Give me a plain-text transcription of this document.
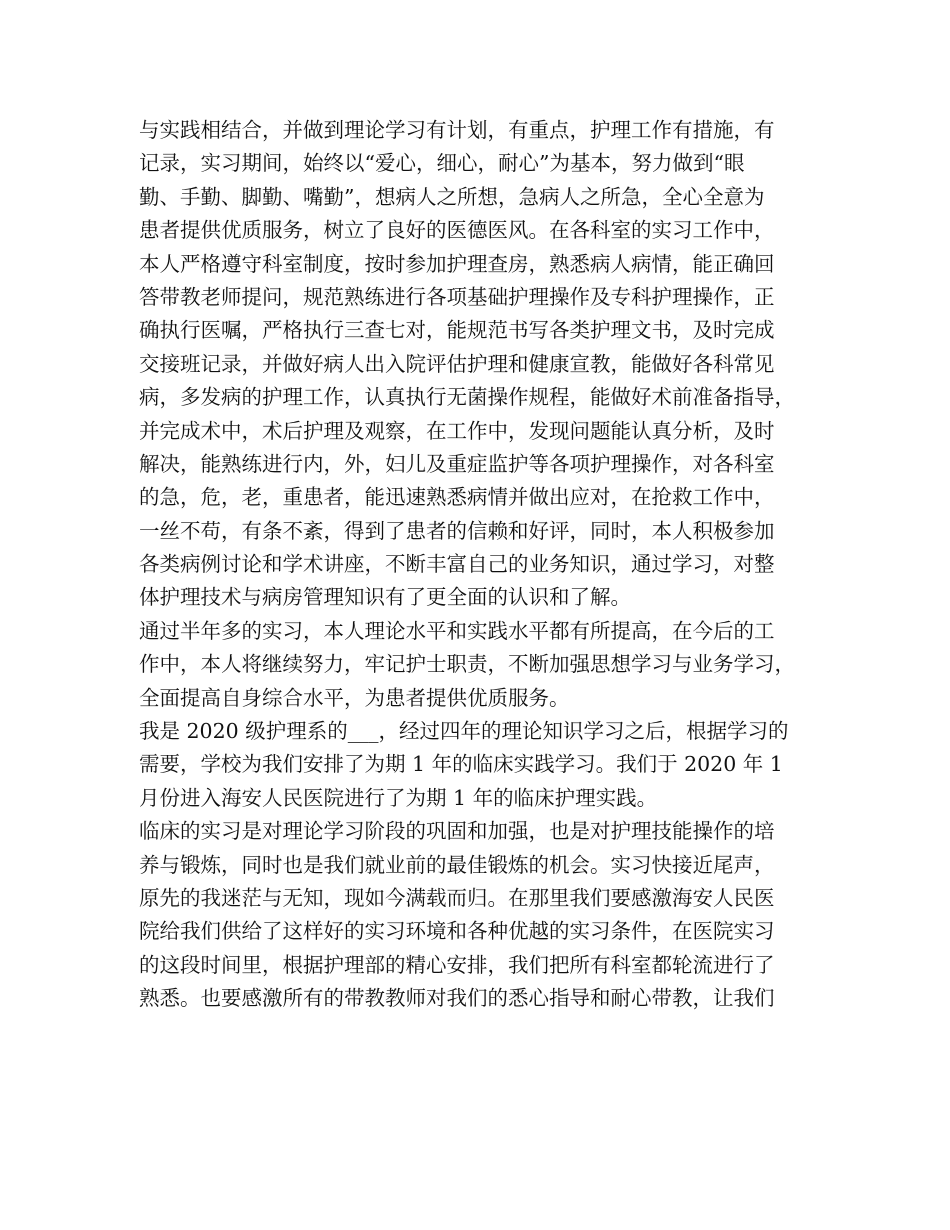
与实践相结合，并做到理论学习有计划，有重点，护理工作有措施，有
记录，实习期间，始终以“爱心，细心，耐心”为基本，努力做到“眼
勤、手勤、脚勤、嘴勤”，想病人之所想，急病人之所急，全心全意为
患者提供优质服务，树立了良好的医德医风。在各科室的实习工作中，
本人严格遵守科室制度，按时参加护理查房，熟悉病人病情，能正确回
答带教老师提问，规范熟练进行各项基础护理操作及专科护理操作，正
确执行医嘱，严格执行三查七对，能规范书写各类护理文书，及时完成
交接班记录，并做好病人出入院评估护理和健康宣教，能做好各科常见
病，多发病的护理工作，认真执行无菌操作规程，能做好术前准备指导，
并完成术中，术后护理及观察，在工作中，发现问题能认真分析，及时
解决，能熟练进行内，外，妇儿及重症监护等各项护理操作，对各科室
的急，危，老，重患者，能迅速熟悉病情并做出应对，在抢救工作中，
一丝不苟，有条不紊，得到了患者的信赖和好评，同时，本人积极参加
各类病例讨论和学术讲座，不断丰富自己的业务知识，通过学习，对整
体护理技术与病房管理知识有了更全面的认识和了解。
通过半年多的实习，本人理论水平和实践水平都有所提高，在今后的工
作中，本人将继续努力，牢记护士职责，不断加强思想学习与业务学习，
全面提高自身综合水平，为患者提供优质服务。
我是 2020 级护理系的___，经过四年的理论知识学习之后，根据学习的
需要，学校为我们安排了为期 1 年的临床实践学习。我们于 2020 年 1
月份进入海安人民医院进行了为期 1 年的临床护理实践。
临床的实习是对理论学习阶段的巩固和加强，也是对护理技能操作的培
养与锻炼，同时也是我们就业前的最佳锻炼的机会。实习快接近尾声，
原先的我迷茫与无知，现如今满载而归。在那里我们要感激海安人民医
院给我们供给了这样好的实习环境和各种优越的实习条件，在医院实习
的这段时间里，根据护理部的精心安排，我们把所有科室都轮流进行了
熟悉。也要感激所有的带教教师对我们的悉心指导和耐心带教，让我们
